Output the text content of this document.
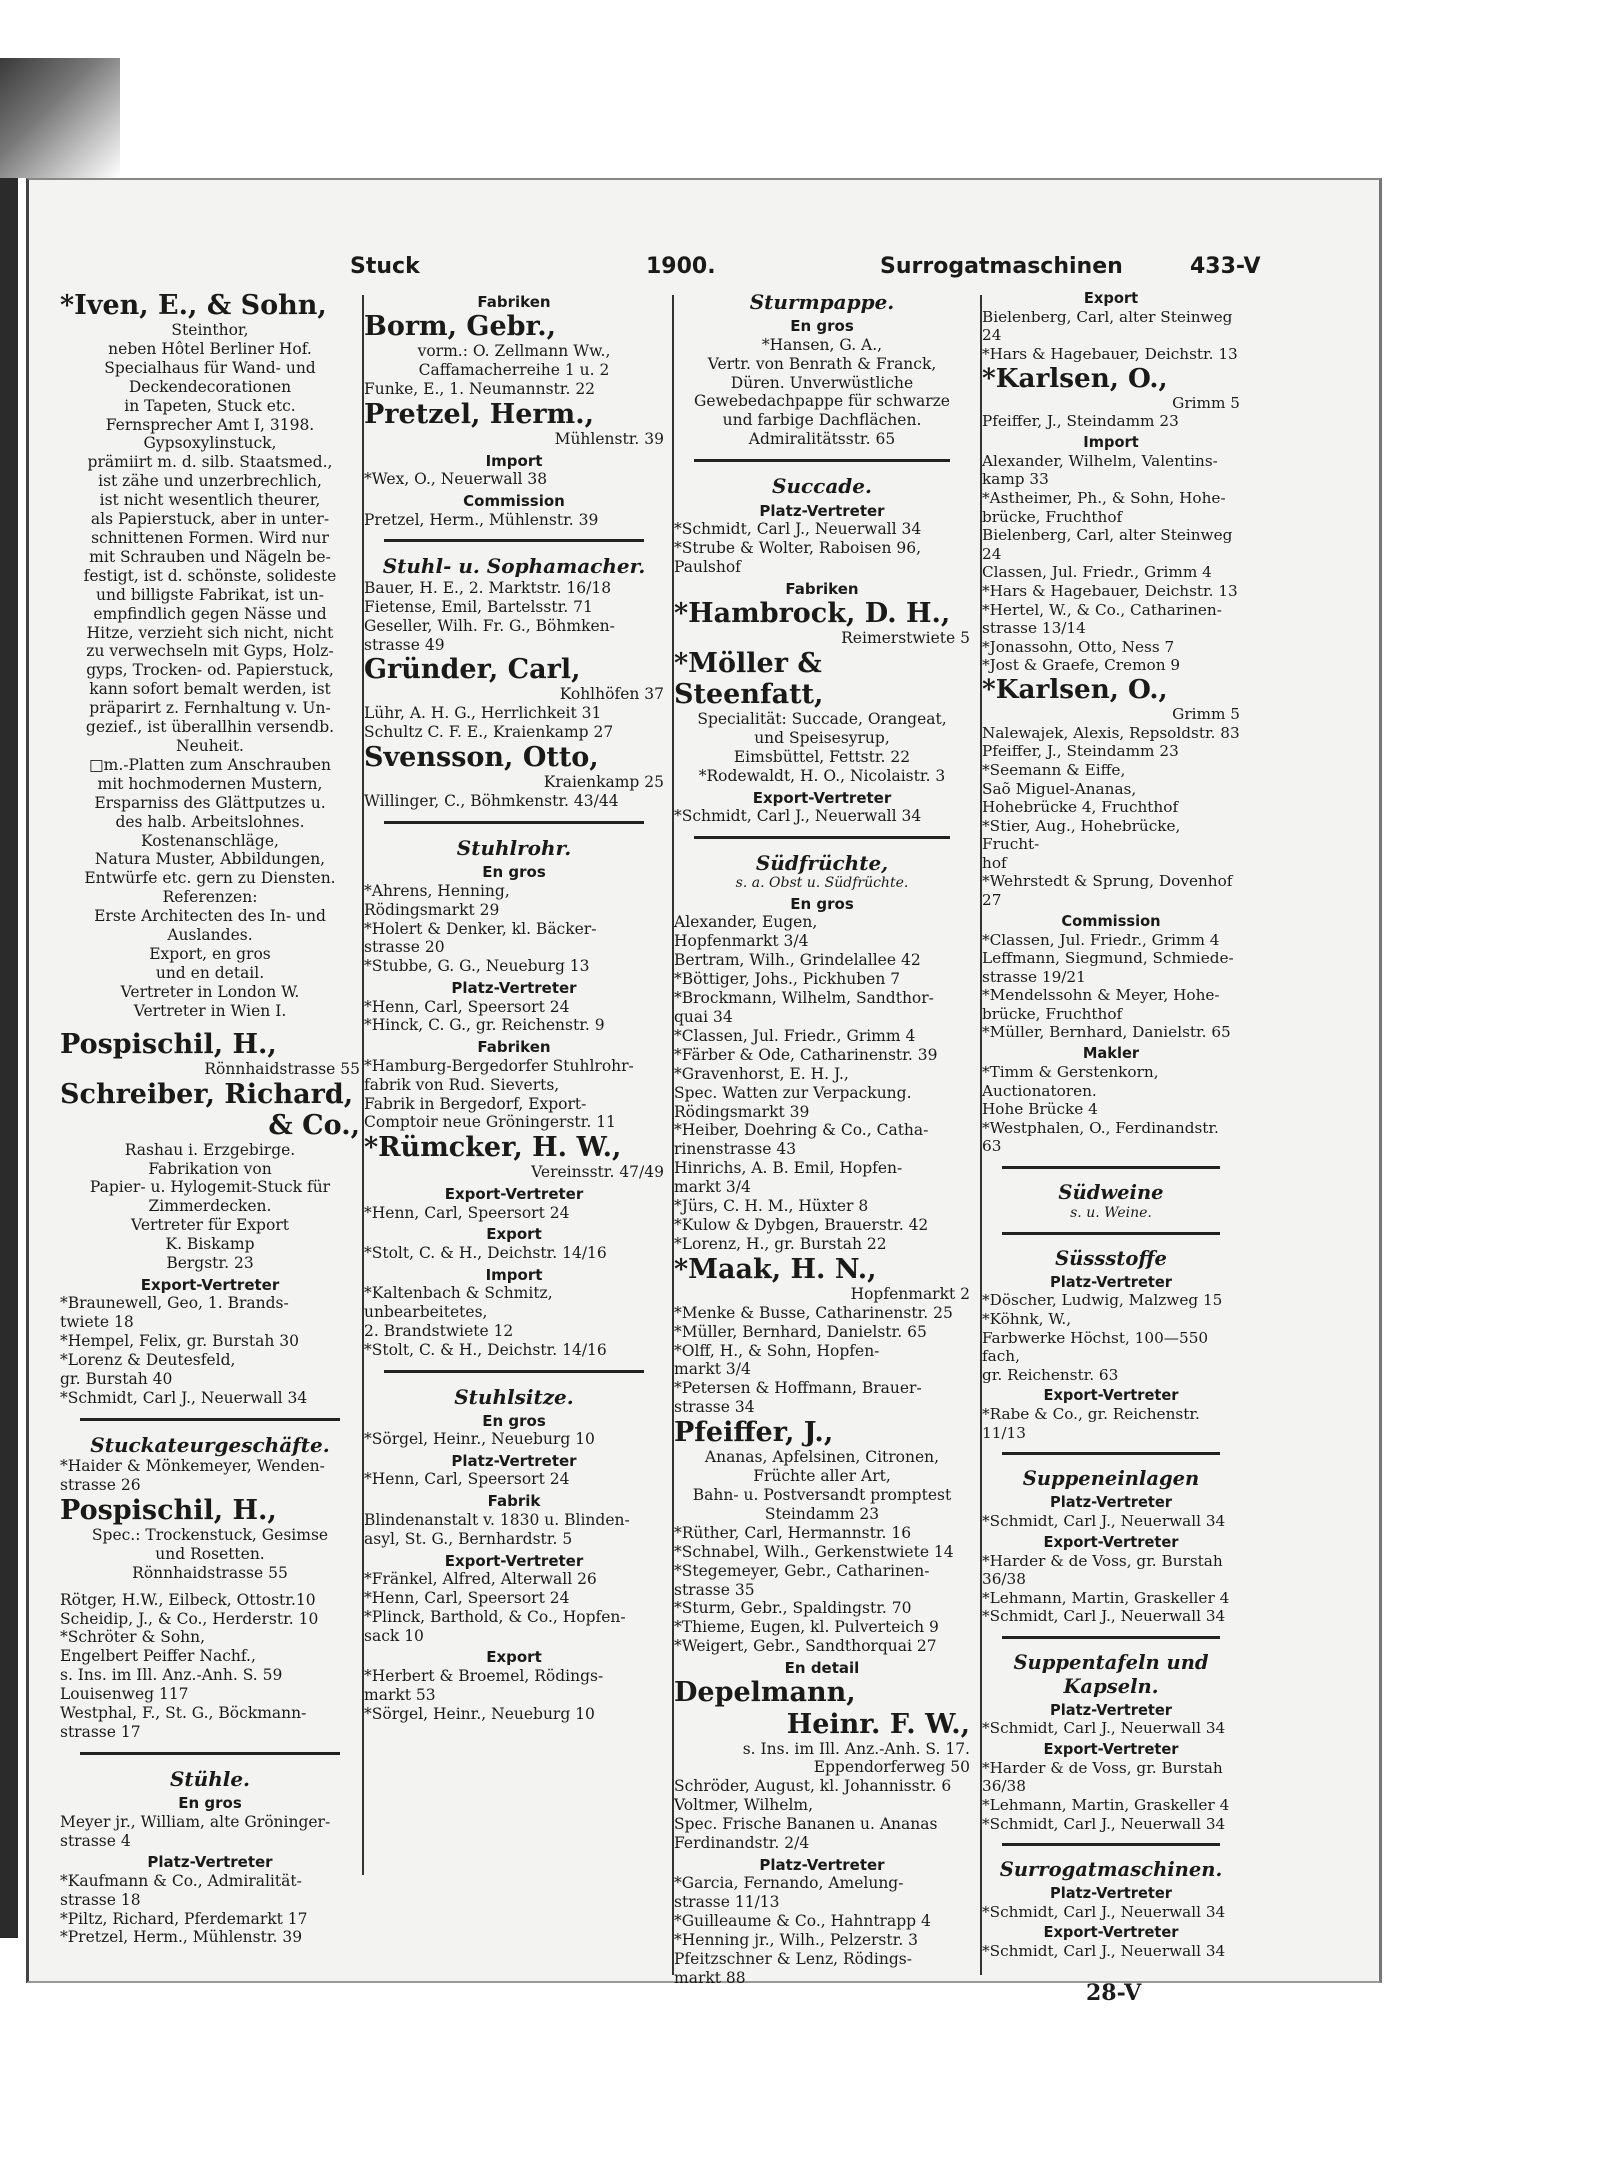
Stuck	1900.	Surrogatmaschinen	433-V
*Iven, E., & Sohn,
Steinthor,
neben Hôtel Berliner Hof.
Specialhaus für Wand- und
Deckendecorationen
in Tapeten, Stuck etc.
Fernsprecher Amt I, 3198.
Gypsoxylinstuck,
prämiirt m. d. silb. Staatsmed.,
ist zähe und unzerbrechlich,
ist nicht wesentlich theurer,
als Papierstuck, aber in unter-
schnittenen Formen. Wird nur
mit Schrauben und Nägeln be-
festigt, ist d. schönste, solideste
und billigste Fabrikat, ist un-
empfindlich gegen Nässe und
Hitze, verzieht sich nicht, nicht
zu verwechseln mit Gyps, Holz-
gyps, Trocken- od. Papierstuck,
kann sofort bemalt werden, ist
präparirt z. Fernhaltung v. Un-
gezief., ist überallhin versendb.
Neuheit.
□m.-Platten zum Anschrauben
mit hochmodernen Mustern,
Ersparniss des Glättputzes u.
des halb. Arbeitslohnes.
Kostenanschläge,
Natura Muster, Abbildungen,
Entwürfe etc. gern zu Diensten.
Referenzen:
Erste Architecten des In- und
Auslandes.
Export, en gros
und en detail.
Vertreter in London W.
Vertreter in Wien I.
Pospischil, H.,
Rönnhaidstrasse 55
Schreiber, Richard,
& Co.,
Rashau i. Erzgebirge.
Fabrikation von
Papier- u. Hylogemit-Stuck für
Zimmerdecken.
Vertreter für Export
K. Biskamp
Bergstr. 23
Export-Vertreter
*Braunewell, Geo, 1. Brands-
twiete 18
*Hempel, Felix, gr. Burstah 30
*Lorenz & Deutesfeld,
gr. Burstah 40
*Schmidt, Carl J., Neuerwall 34
Stuckateurgeschäfte.
*Haider & Mönkemeyer, Wenden-
strasse 26
Pospischil, H.,
Spec.: Trockenstuck, Gesimse
und Rosetten.
Rönnhaidstrasse 55
Rötger, H.W., Eilbeck, Ottostr.10
Scheidip, J., & Co., Herderstr. 10
*Schröter & Sohn,
Engelbert Peiffer Nachf.,
s. Ins. im Ill. Anz.-Anh. S. 59
Louisenweg 117
Westphal, F., St. G., Böckmann-
strasse 17
Stühle.
En gros
Meyer jr., William, alte Gröninger-
strasse 4
Platz-Vertreter
*Kaufmann & Co., Admiralität-
strasse 18
*Piltz, Richard, Pferdemarkt 17
*Pretzel, Herm., Mühlenstr. 39
Fabriken
Borm, Gebr.,
vorm.: O. Zellmann Ww.,
Caffamacherreihe 1 u. 2
Funke, E., 1. Neumannstr. 22
Pretzel, Herm.,
Mühlenstr. 39
Import
*Wex, O., Neuerwall 38
Commission
Pretzel, Herm., Mühlenstr. 39
Stuhl- u. Sophamacher.
Bauer, H. E., 2. Marktstr. 16/18
Fietense, Emil, Bartelsstr. 71
Geseller, Wilh. Fr. G., Böhmken-
strasse 49
Gründer, Carl,
Kohlhöfen 37
Lühr, A. H. G., Herrlichkeit 31
Schultz C. F. E., Kraienkamp 27
Svensson, Otto,
Kraienkamp 25
Willinger, C., Böhmkenstr. 43/44
Stuhlrohr.
En gros
*Ahrens, Henning,
Rödingsmarkt 29
*Holert & Denker, kl. Bäcker-
strasse 20
*Stubbe, G. G., Neueburg 13
Platz-Vertreter
*Henn, Carl, Speersort 24
*Hinck, C. G., gr. Reichenstr. 9
Fabriken
*Hamburg-Bergedorfer Stuhlrohr-
fabrik von Rud. Sieverts,
Fabrik in Bergedorf, Export-
Comptoir neue Gröningerstr. 11
*Rümcker, H. W.,
Vereinsstr. 47/49
Export-Vertreter
*Henn, Carl, Speersort 24
Export
*Stolt, C. & H., Deichstr. 14/16
Import
*Kaltenbach & Schmitz,
unbearbeitetes,
2. Brandstwiete 12
*Stolt, C. & H., Deichstr. 14/16
Stuhlsitze.
En gros
*Sörgel, Heinr., Neueburg 10
Platz-Vertreter
*Henn, Carl, Speersort 24
Fabrik
Blindenanstalt v. 1830 u. Blinden-
asyl, St. G., Bernhardstr. 5
Export-Vertreter
*Fränkel, Alfred, Alterwall 26
*Henn, Carl, Speersort 24
*Plinck, Barthold, & Co., Hopfen-
sack 10
Export
*Herbert & Broemel, Rödings-
markt 53
*Sörgel, Heinr., Neueburg 10
Sturmpappe.
En gros
*Hansen, G. A.,
Vertr. von Benrath & Franck,
Düren. Unverwüstliche
Gewebedachpappe für schwarze
und farbige Dachflächen.
Admiralitätsstr. 65
Succade.
Platz-Vertreter
*Schmidt, Carl J., Neuerwall 34
*Strube & Wolter, Raboisen 96,
Paulshof
Fabriken
*Hambrock, D. H.,
Reimerstwiete 5
*Möller & Steenfatt,
Specialität: Succade, Orangeat,
und Speisesyrup,
Eimsbüttel, Fettstr. 22
*Rodewaldt, H. O., Nicolaistr. 3
Export-Vertreter
*Schmidt, Carl J., Neuerwall 34
Südfrüchte,
s. a. Obst u. Südfrüchte.
En gros
Alexander, Eugen,
Hopfenmarkt 3/4
Bertram, Wilh., Grindelallee 42
*Böttiger, Johs., Pickhuben 7
*Brockmann, Wilhelm, Sandthor-
quai 34
*Classen, Jul. Friedr., Grimm 4
*Färber & Ode, Catharinenstr. 39
*Gravenhorst, E. H. J.,
Spec. Watten zur Verpackung.
Rödingsmarkt 39
*Heiber, Doehring & Co., Catha-
rinenstrasse 43
Hinrichs, A. B. Emil, Hopfen-
markt 3/4
*Jürs, C. H. M., Hüxter 8
*Kulow & Dybgen, Brauerstr. 42
*Lorenz, H., gr. Burstah 22
*Maak, H. N.,
Hopfenmarkt 2
*Menke & Busse, Catharinenstr. 25
*Müller, Bernhard, Danielstr. 65
*Olff, H., & Sohn, Hopfen-
markt 3/4
*Petersen & Hoffmann, Brauer-
strasse 34
Pfeiffer, J.,
Ananas, Apfelsinen, Citronen,
Früchte aller Art,
Bahn- u. Postversandt promptest
Steindamm 23
*Rüther, Carl, Hermannstr. 16
*Schnabel, Wilh., Gerkenstwiete 14
*Stegemeyer, Gebr., Catharinen-
strasse 35
*Sturm, Gebr., Spaldingstr. 70
*Thieme, Eugen, kl. Pulverteich 9
*Weigert, Gebr., Sandthorquai 27
En detail
Depelmann,
Heinr. F. W.,
s. Ins. im Ill. Anz.-Anh. S. 17.
Eppendorferweg 50
Schröder, August, kl. Johannisstr. 6
Voltmer, Wilhelm,
Spec. Frische Bananen u. Ananas
Ferdinandstr. 2/4
Platz-Vertreter
*Garcia, Fernando, Amelung-
strasse 11/13
*Guilleaume & Co., Hahntrapp 4
*Henning jr., Wilh., Pelzerstr. 3
Pfeitzschner & Lenz, Rödings-
markt 88
Export
Bielenberg, Carl, alter Steinweg 24
*Hars & Hagebauer, Deichstr. 13
*Karlsen, O.,
Grimm 5
Pfeiffer, J., Steindamm 23
Import
Alexander, Wilhelm, Valentins-
kamp 33
*Astheimer, Ph., & Sohn, Hohe-
brücke, Fruchthof
Bielenberg, Carl, alter Steinweg 24
Classen, Jul. Friedr., Grimm 4
*Hars & Hagebauer, Deichstr. 13
*Hertel, W., & Co., Catharinen-
strasse 13/14
*Jonassohn, Otto, Ness 7
*Jost & Graefe, Cremon 9
*Karlsen, O.,
Grimm 5
Nalewajek, Alexis, Repsoldstr. 83
Pfeiffer, J., Steindamm 23
*Seemann & Eiffe,
Saõ Miguel-Ananas,
Hohebrücke 4, Fruchthof
*Stier, Aug., Hohebrücke, Frucht-
hof
*Wehrstedt & Sprung, Dovenhof 27
Commission
*Classen, Jul. Friedr., Grimm 4
Leffmann, Siegmund, Schmiede-
strasse 19/21
*Mendelssohn & Meyer, Hohe-
brücke, Fruchthof
*Müller, Bernhard, Danielstr. 65
Makler
*Timm & Gerstenkorn,
Auctionatoren.
Hohe Brücke 4
*Westphalen, O., Ferdinandstr. 63
Südweine
s. u. Weine.
Süssstoffe
Platz-Vertreter
*Döscher, Ludwig, Malzweg 15
*Köhnk, W.,
Farbwerke Höchst, 100—550 fach,
gr. Reichenstr. 63
Export-Vertreter
*Rabe & Co., gr. Reichenstr. 11/13
Suppeneinlagen
Platz-Vertreter
*Schmidt, Carl J., Neuerwall 34
Export-Vertreter
*Harder & de Voss, gr. Burstah 36/38
*Lehmann, Martin, Graskeller 4
*Schmidt, Carl J., Neuerwall 34
Suppentafeln und
Kapseln.
Platz-Vertreter
*Schmidt, Carl J., Neuerwall 34
Export-Vertreter
*Harder & de Voss, gr. Burstah 36/38
*Lehmann, Martin, Graskeller 4
*Schmidt, Carl J., Neuerwall 34
Surrogatmaschinen.
Platz-Vertreter
*Schmidt, Carl J., Neuerwall 34
Export-Vertreter
*Schmidt, Carl J., Neuerwall 34
28-V
